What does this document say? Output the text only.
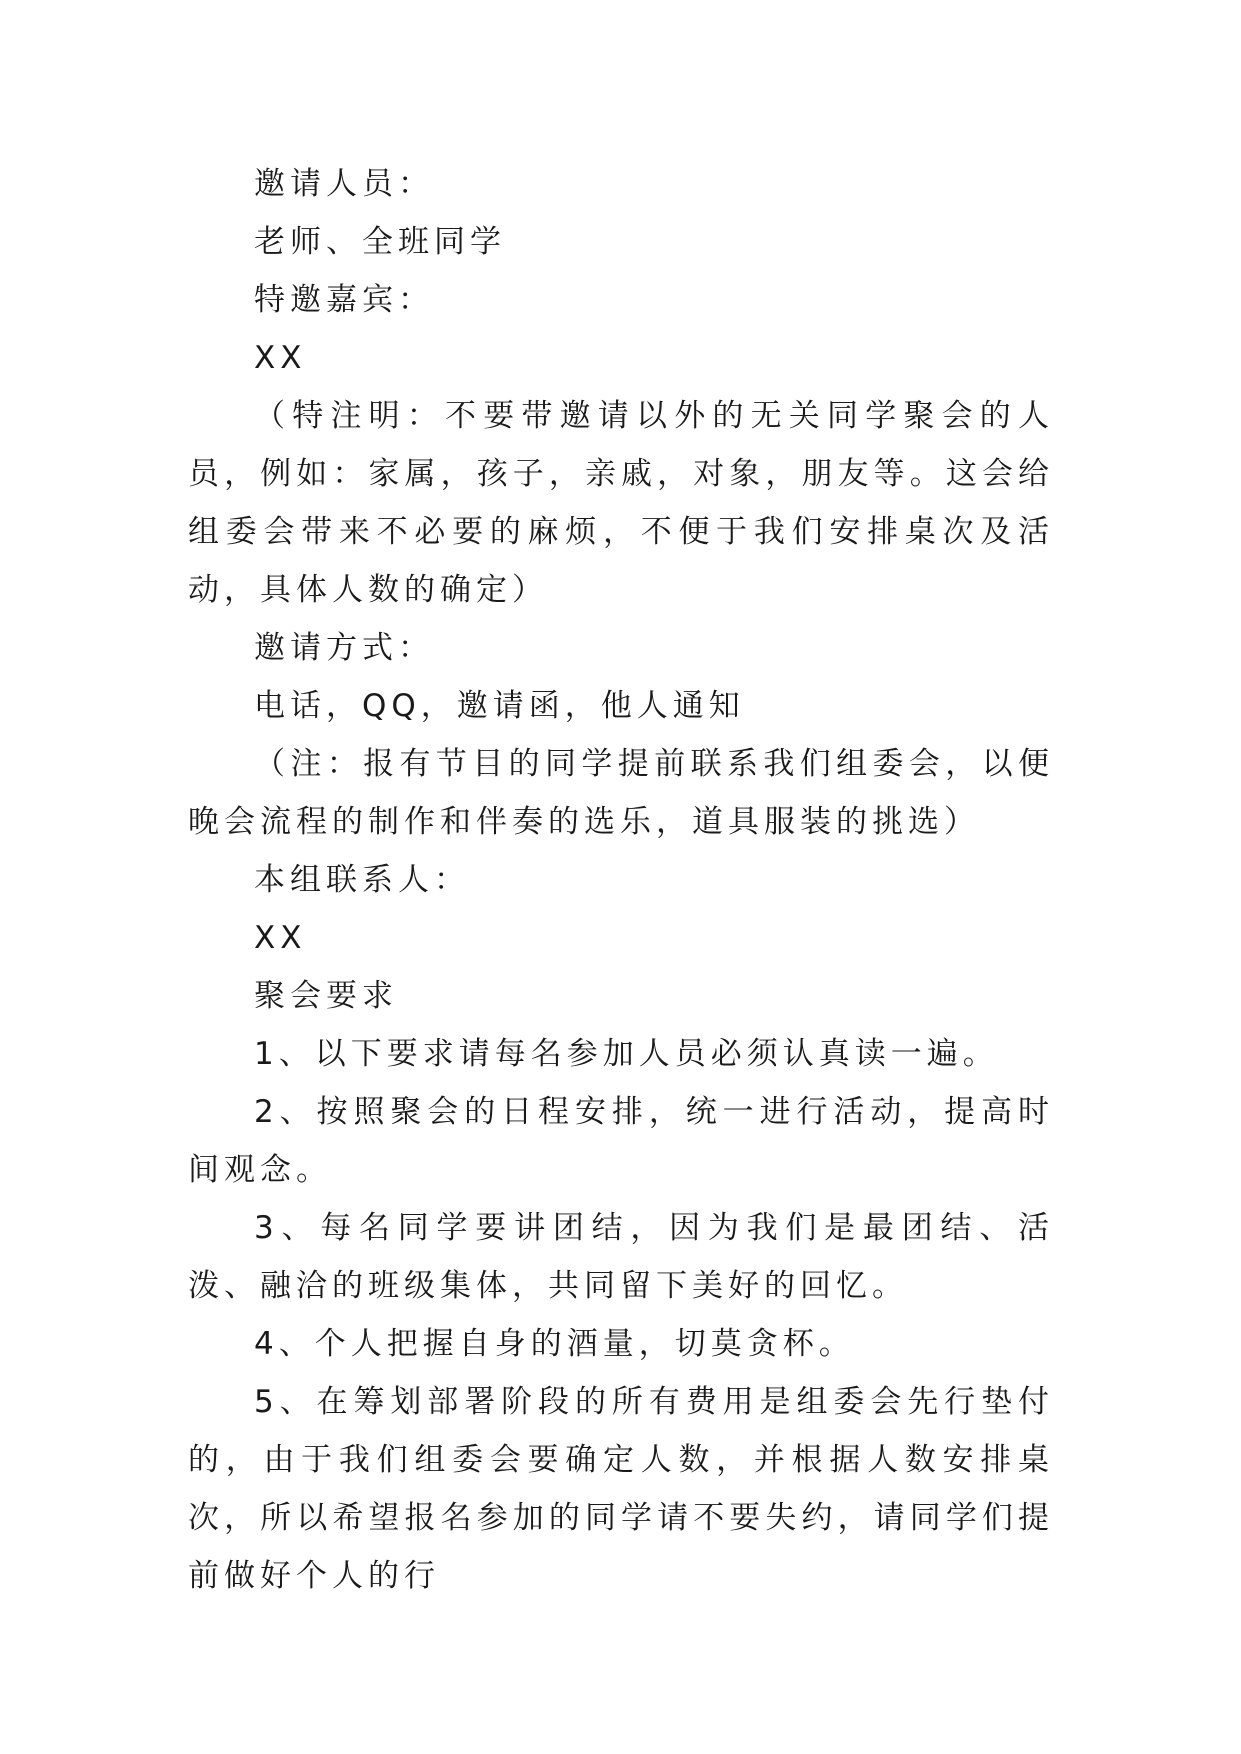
邀请人员：

老师、全班同学

特邀嘉宾：

XX

（特注明：不要带邀请以外的无关同学聚会的人员，例如：家属，孩子，亲戚，对象，朋友等。这会给组委会带来不必要的麻烦，不便于我们安排桌次及活动，具体人数的确定）

邀请方式：

电话，QQ，邀请函，他人通知

（注：报有节目的同学提前联系我们组委会，以便晚会流程的制作和伴奏的选乐，道具服装的挑选）

本组联系人：

XX

聚会要求

1、以下要求请每名参加人员必须认真读一遍。

2、按照聚会的日程安排，统一进行活动，提高时间观念。

3、每名同学要讲团结，因为我们是最团结、活泼、融洽的班级集体，共同留下美好的回忆。

4、个人把握自身的酒量，切莫贪杯。

5、在筹划部署阶段的所有费用是组委会先行垫付的，由于我们组委会要确定人数，并根据人数安排桌次，所以希望报名参加的同学请不要失约，请同学们提前做好个人的行
